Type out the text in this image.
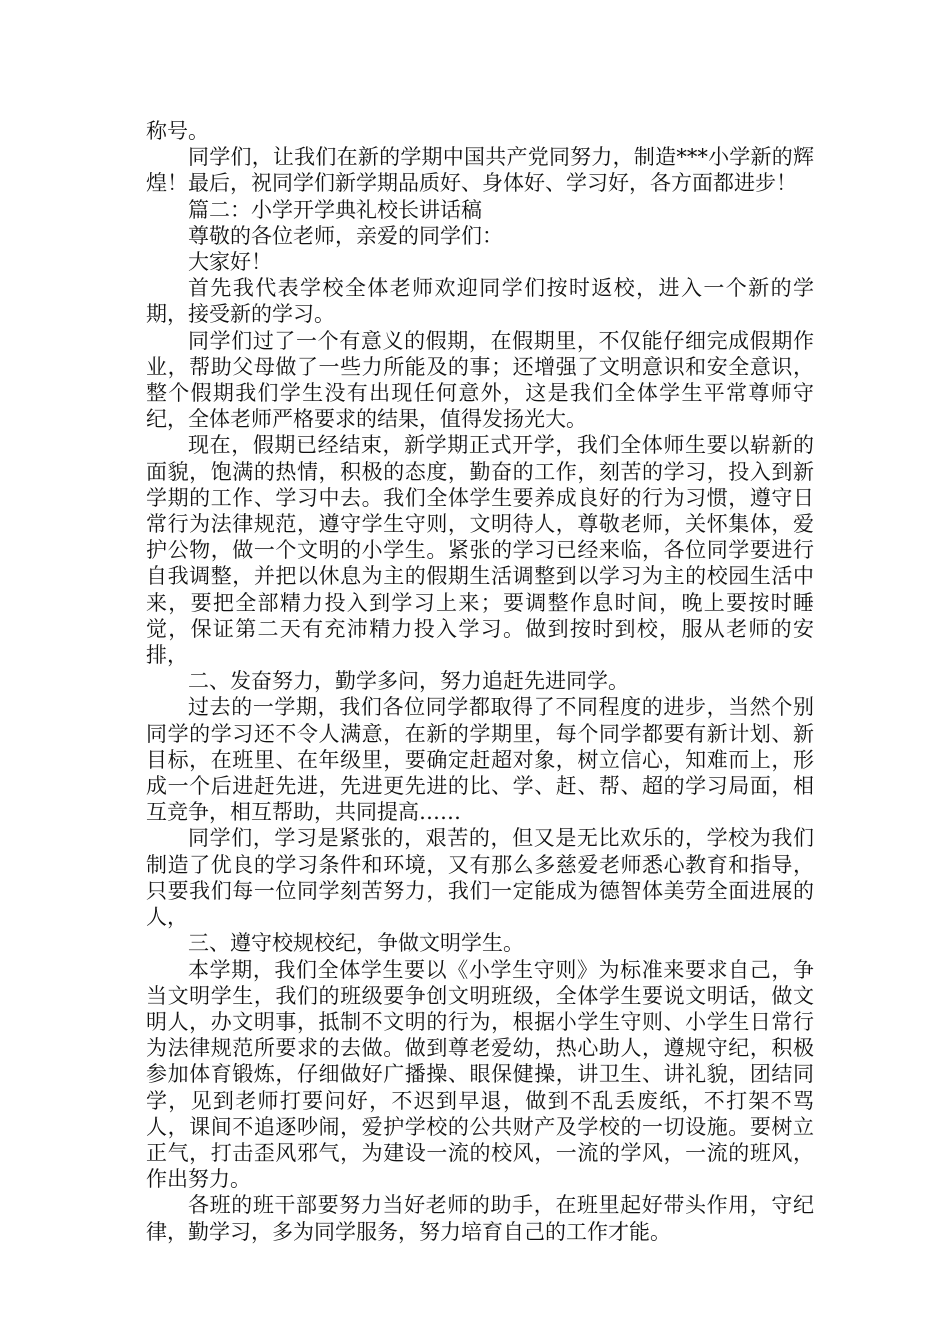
称号。

同学们，让我们在新的学期中国共产党同努力，制造***小学新的辉煌！最后，祝同学们新学期品质好、身体好、学习好，各方面都进步！

篇二：小学开学典礼校长讲话稿

尊敬的各位老师，亲爱的同学们：

大家好！

首先我代表学校全体老师欢迎同学们按时返校，进入一个新的学期，接受新的学习。

同学们过了一个有意义的假期，在假期里，不仅能仔细完成假期作业，帮助父母做了一些力所能及的事；还增强了文明意识和安全意识，整个假期我们学生没有出现任何意外，这是我们全体学生平常尊师守纪，全体老师严格要求的结果，值得发扬光大。

现在，假期已经结束，新学期正式开学，我们全体师生要以崭新的面貌，饱满的热情，积极的态度，勤奋的工作，刻苦的学习，投入到新学期的工作、学习中去。我们全体学生要养成良好的行为习惯，遵守日常行为法律规范，遵守学生守则，文明待人，尊敬老师，关怀集体，爱护公物，做一个文明的小学生。紧张的学习已经来临，各位同学要进行自我调整，并把以休息为主的假期生活调整到以学习为主的校园生活中来，要把全部精力投入到学习上来；要调整作息时间，晚上要按时睡觉，保证第二天有充沛精力投入学习。做到按时到校，服从老师的安排，

二、发奋努力，勤学多问，努力追赶先进同学。

过去的一学期，我们各位同学都取得了不同程度的进步，当然个别同学的学习还不令人满意，在新的学期里，每个同学都要有新计划、新目标，在班里、在年级里，要确定赶超对象，树立信心，知难而上，形成一个后进赶先进，先进更先进的比、学、赶、帮、超的学习局面，相互竞争，相互帮助，共同提高……

同学们，学习是紧张的，艰苦的，但又是无比欢乐的，学校为我们制造了优良的学习条件和环境，又有那么多慈爱老师悉心教育和指导，只要我们每一位同学刻苦努力，我们一定能成为德智体美劳全面进展的人，

三、遵守校规校纪，争做文明学生。

本学期，我们全体学生要以《小学生守则》为标准来要求自己，争当文明学生，我们的班级要争创文明班级，全体学生要说文明话，做文明人，办文明事，抵制不文明的行为，根据小学生守则、小学生日常行为法律规范所要求的去做。做到尊老爱幼，热心助人，遵规守纪，积极参加体育锻炼，仔细做好广播操、眼保健操，讲卫生、讲礼貌，团结同学，见到老师打要问好，不迟到早退，做到不乱丢废纸，不打架不骂人，课间不追逐吵闹，爱护学校的公共财产及学校的一切设施。要树立正气，打击歪风邪气，为建设一流的校风，一流的学风，一流的班风，作出努力。

各班的班干部要努力当好老师的助手，在班里起好带头作用，守纪律，勤学习，多为同学服务，努力培育自己的工作才能。
